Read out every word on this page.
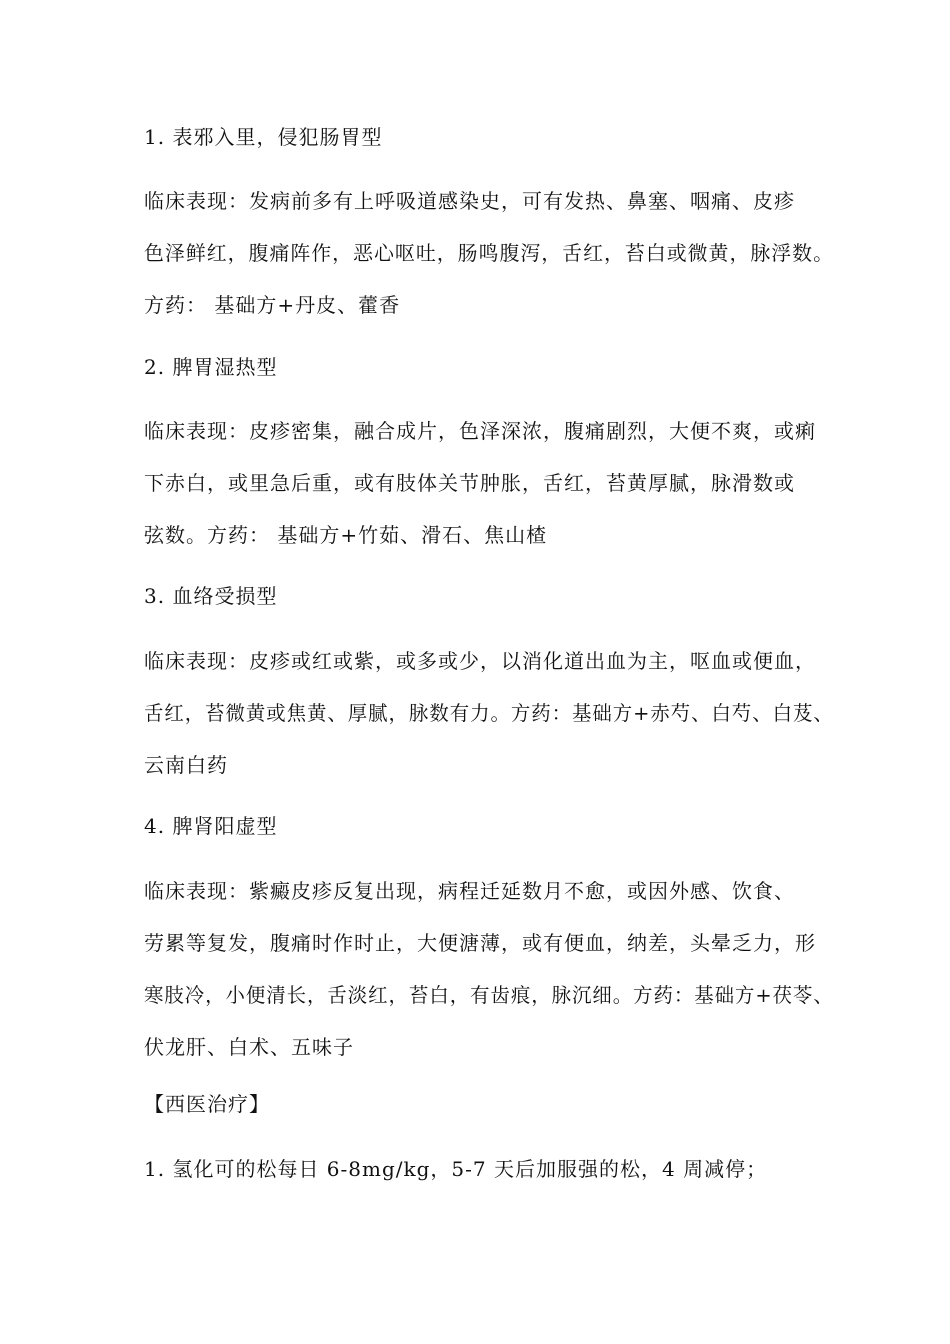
1. 表邪入里，侵犯肠胃型
临床表现：发病前多有上呼吸道感染史，可有发热、鼻塞、咽痛、皮疹
色泽鲜红，腹痛阵作，恶心呕吐，肠鸣腹泻，舌红，苔白或微黄，脉浮数。
方药： 基础方+丹皮、藿香
2. 脾胃湿热型
临床表现：皮疹密集，融合成片，色泽深浓，腹痛剧烈，大便不爽，或痢
下赤白，或里急后重，或有肢体关节肿胀，舌红，苔黄厚腻，脉滑数或
弦数。方药： 基础方+竹茹、滑石、焦山楂
3. 血络受损型
临床表现：皮疹或红或紫，或多或少，以消化道出血为主，呕血或便血，
舌红，苔微黄或焦黄、厚腻，脉数有力。方药：基础方+赤芍、白芍、白芨、
云南白药
4. 脾肾阳虚型
临床表现：紫癜皮疹反复出现，病程迁延数月不愈，或因外感、饮食、
劳累等复发，腹痛时作时止，大便溏薄，或有便血，纳差，头晕乏力，形
寒肢冷，小便清长，舌淡红，苔白，有齿痕，脉沉细。方药：基础方+茯苓、
伏龙肝、白术、五味子
【西医治疗】
1. 氢化可的松每日 6-8mg/kg，5-7 天后加服强的松，4 周减停；
